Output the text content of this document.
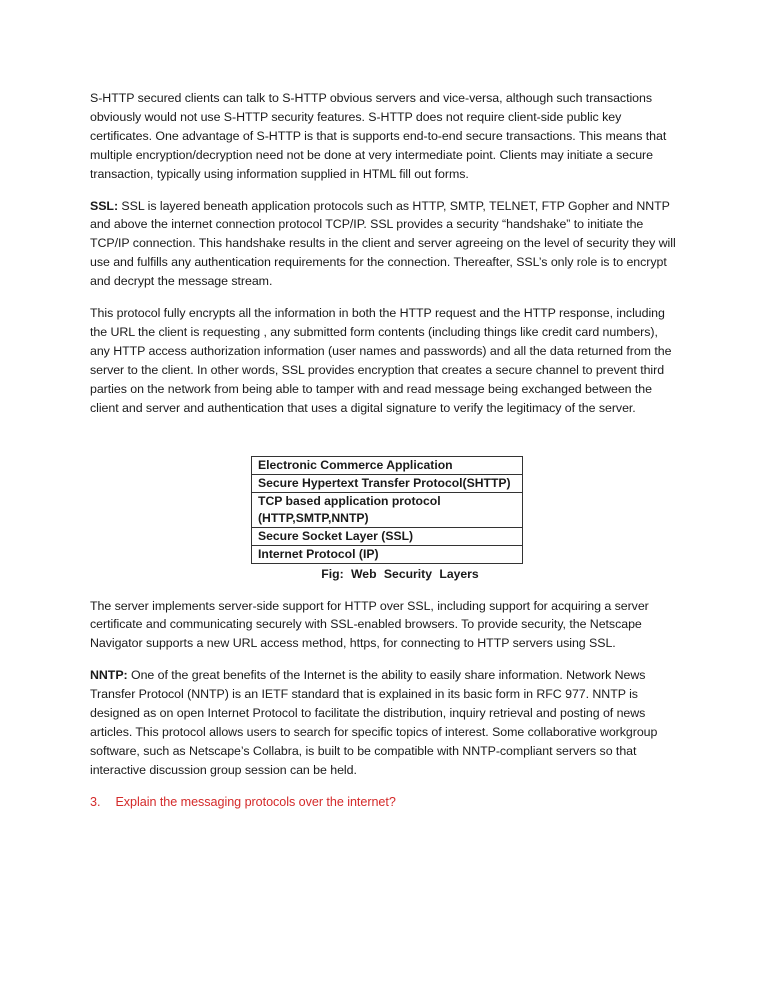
S-HTTP secured clients can talk to S-HTTP obvious servers and vice-versa, although such transactions obviously would not use S-HTTP security features. S-HTTP does not require client-side public key certificates. One advantage of S-HTTP is that is supports end-to-end secure transactions. This means that multiple encryption/decryption need not be done at very intermediate point. Clients may initiate a secure transaction, typically using information supplied in HTML fill out forms.

SSL: SSL is layered beneath application protocols such as HTTP, SMTP, TELNET, FTP Gopher and NNTP and above the internet connection protocol TCP/IP. SSL provides a security “handshake” to initiate the TCP/IP connection. This handshake results in the client and server agreeing on the level of security they will use and fulfills any authentication requirements for the connection. Thereafter, SSL’s only role is to encrypt and decrypt the message stream.

This protocol fully encrypts all the information in both the HTTP request and the HTTP response, including the URL the client is requesting , any submitted form contents (including things like credit card numbers), any HTTP access authorization information (user names and passwords) and all the data returned from the server to the client. In other words, SSL provides encryption that creates a secure channel to prevent third parties on the network from being able to tamper with and read message being exchanged between the client and server and authentication that uses a digital signature to verify the legitimacy of the server.

Electronic Commerce Application
Secure Hypertext Transfer Protocol(SHTTP)
TCP based application protocol (HTTP,SMTP,NNTP)
Secure Socket Layer (SSL)
Internet Protocol (IP)
Fig: Web Security Layers

The server implements server-side support for HTTP over SSL, including support for acquiring a server certificate and communicating securely with SSL-enabled browsers. To provide security, the Netscape Navigator supports a new URL access method, https, for connecting to HTTP servers using SSL.

NNTP: One of the great benefits of the Internet is the ability to easily share information. Network News Transfer Protocol (NNTP) is an IETF standard that is explained in its basic form in RFC 977. NNTP is designed as on open Internet Protocol to facilitate the distribution, inquiry retrieval and posting of news articles. This protocol allows users to search for specific topics of interest. Some collaborative workgroup software, such as Netscape’s Collabra, is built to be compatible with NNTP-compliant servers so that interactive discussion group session can be held.

3. Explain the messaging protocols over the internet?
